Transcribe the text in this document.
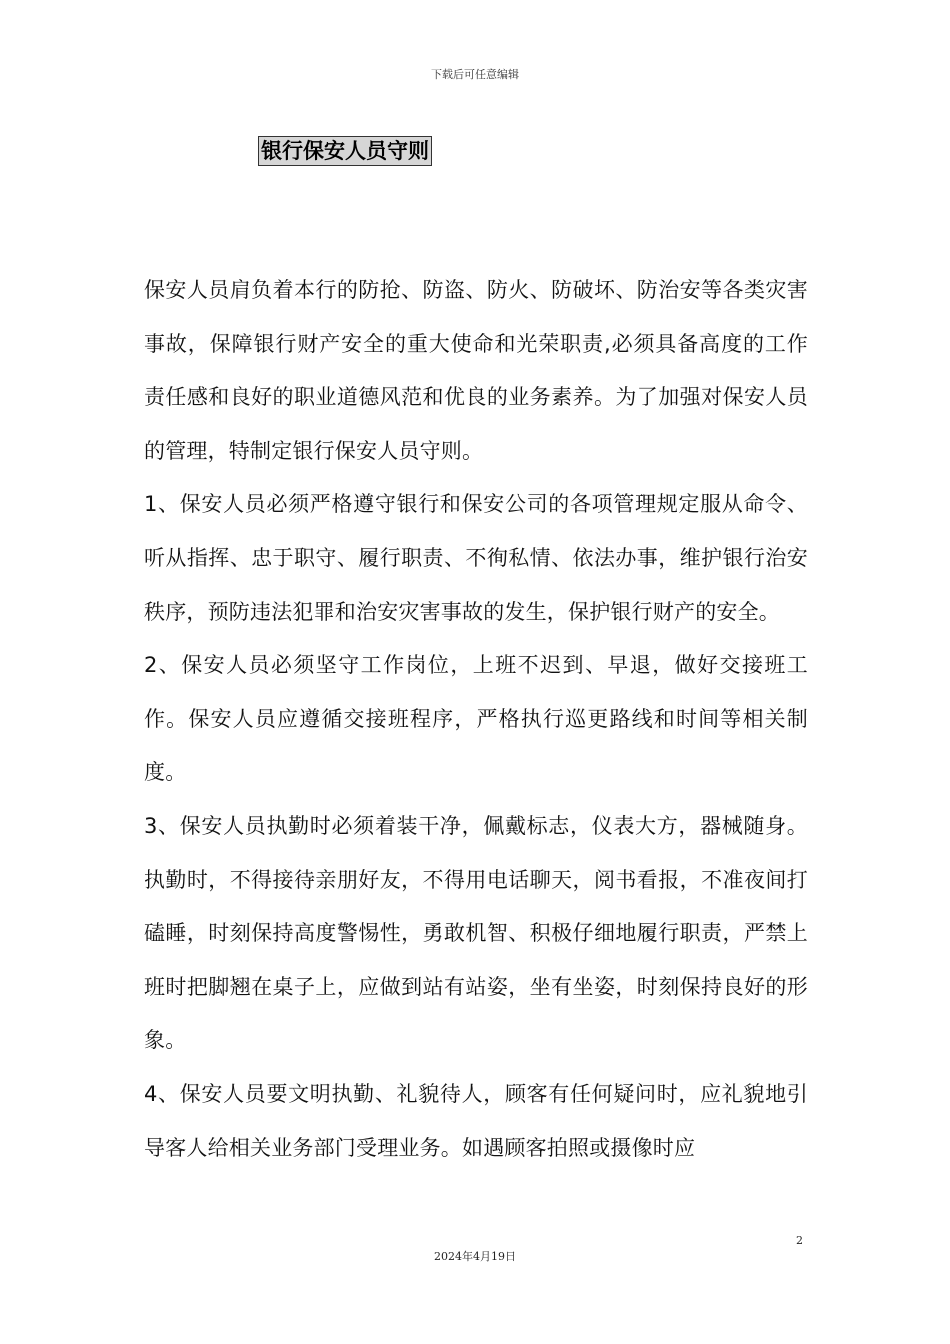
下载后可任意编辑
银行保安人员守则

保安人员肩负着本行的防抢、防盗、防火、防破坏、防治安等各类灾害事故，保障银行财产安全的重大使命和光荣职责,必须具备高度的工作责任感和良好的职业道德风范和优良的业务素养。为了加强对保安人员的管理，特制定银行保安人员守则。

1、保安人员必须严格遵守银行和保安公司的各项管理规定服从命令、听从指挥、忠于职守、履行职责、不徇私情、依法办事，维护银行治安秩序，预防违法犯罪和治安灾害事故的发生，保护银行财产的安全。

2、保安人员必须坚守工作岗位，上班不迟到、早退，做好交接班工作。保安人员应遵循交接班程序，严格执行巡更路线和时间等相关制度。

3、保安人员执勤时必须着装干净，佩戴标志，仪表大方，器械随身。执勤时，不得接待亲朋好友，不得用电话聊天，阅书看报，不准夜间打磕睡，时刻保持高度警惕性，勇敢机智、积极仔细地履行职责，严禁上班时把脚翘在桌子上，应做到站有站姿，坐有坐姿，时刻保持良好的形象。

4、保安人员要文明执勤、礼貌待人，顾客有任何疑问时，应礼貌地引导客人给相关业务部门受理业务。如遇顾客拍照或摄像时应

2
2024年4月19日
